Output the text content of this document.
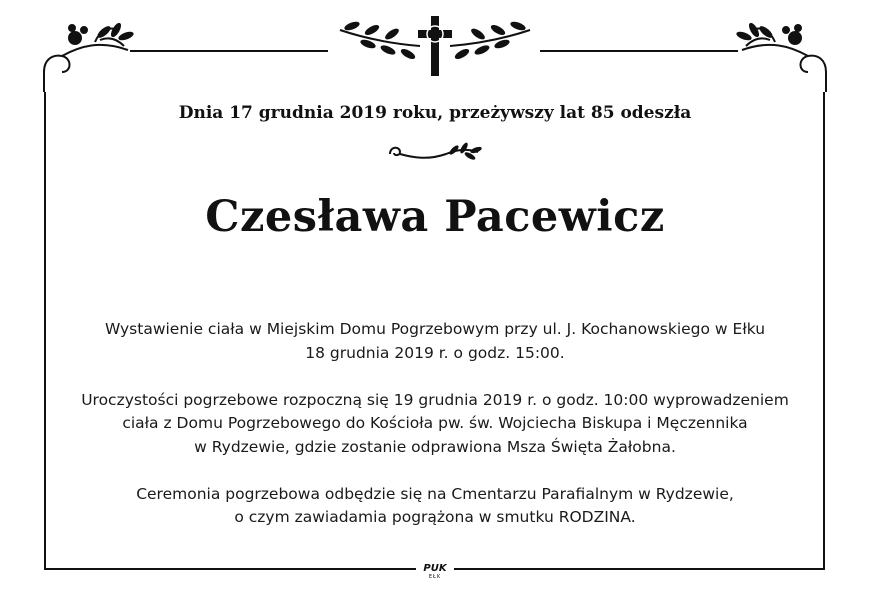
Dnia 17 grudnia 2019 roku, przeżywszy lat 85 odeszła
Czesława Pacewicz

Wystawienie ciała w Miejskim Domu Pogrzebowym przy ul. J. Kochanowskiego w Ełku
18 grudnia 2019 r. o godz. 15:00.

Uroczystości pogrzebowe rozpoczną się 19 grudnia 2019 r. o godz. 10:00 wyprowadzeniem
ciała z Domu Pogrzebowego do Kościoła pw. św. Wojciecha Biskupa i Męczennika
w Rydzewie, gdzie zostanie odprawiona Msza Święta Żałobna.

Ceremonia pogrzebowa odbędzie się na Cmentarzu Parafialnym w Rydzewie,
o czym zawiadamia pogrążona w smutku RODZINA.

PUK
EŁK
